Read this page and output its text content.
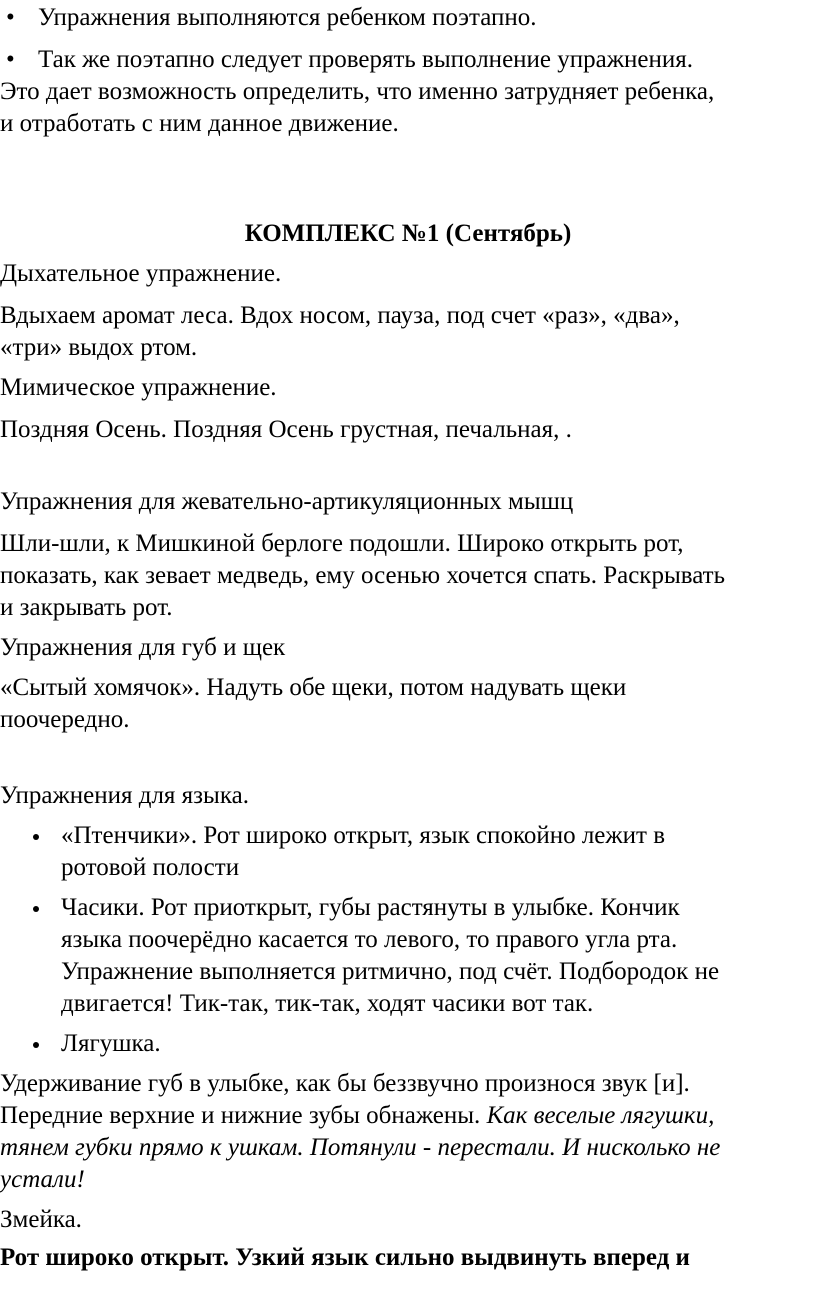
• Упражнения выполняются ребенком поэтапно.
• Так же поэтапно следует проверять выполнение упражнения.
Это дает возможность определить, что именно затрудняет ребенка,
и отработать с ним данное движение.
КОМПЛЕКС №1 (Сентябрь)
Дыхательное упражнение.
Вдыхаем аромат леса. Вдох носом, пауза, под счет «раз», «два»,
«три» выдох ртом.
Мимическое упражнение.
Поздняя Осень. Поздняя Осень грустная, печальная, .
Упражнения для жевательно-артикуляционных мышц
Шли-шли, к Мишкиной берлоге подошли. Широко открыть рот,
показать, как зевает медведь, ему осенью хочется спать. Раскрывать
и закрывать рот.
Упражнения для губ и щек
«Сытый хомячок». Надуть обе щеки, потом надувать щеки
поочередно.
Упражнения для языка.
«Птенчики». Рот широко открыт, язык спокойно лежит в
ротовой полости
Часики. Рот приоткрыт, губы растянуты в улыбке. Кончик
языка поочерёдно касается то левого, то правого угла рта.
Упражнение выполняется ритмично, под счёт. Подбородок не
двигается! Тик-так, тик-так, ходят часики вот так.
Лягушка.
Удерживание губ в улыбке, как бы беззвучно произнося звук [и].
Передние верхние и нижние зубы обнажены. Как веселые лягушки,
тянем губки прямо к ушкам. Потянули - перестали. И нисколько не
устали!
Змейка.
Рот широко открыт. Узкий язык сильно выдвинуть вперед и
